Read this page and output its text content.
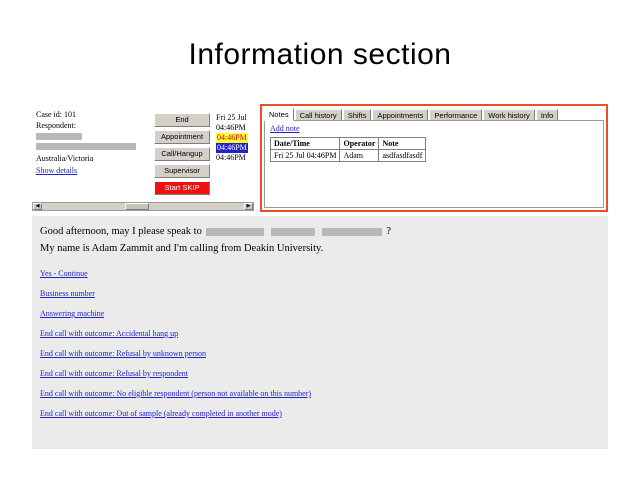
Information section
Case id: 101
Respondent:
Australia/Victoria
Show details
End
Appointment
Call/Hangup
Supervisor
Start SKIP
Fri 25 Jul
04:46PM
04:46PM
04:46PM
04:46PM
◀	▶
Notes	Call history	Shifts	Appointments	Performance	Work history	Info
Add note
Date/Time	Operator	Note
Fri 25 Jul 04:46PM	Adam	asdfasdfasdf
Good afternoon, may I please speak to	?
My name is Adam Zammit and I'm calling from Deakin University.
Yes - Continue
Business number
Answering machine
End call with outcome: Accidental hang up
End call with outcome: Refusal by unknown person
End call with outcome: Refusal by respondent
End call with outcome: No eligible respondent (person not available on this number)
End call with outcome: Out of sample (already completed in another mode)
